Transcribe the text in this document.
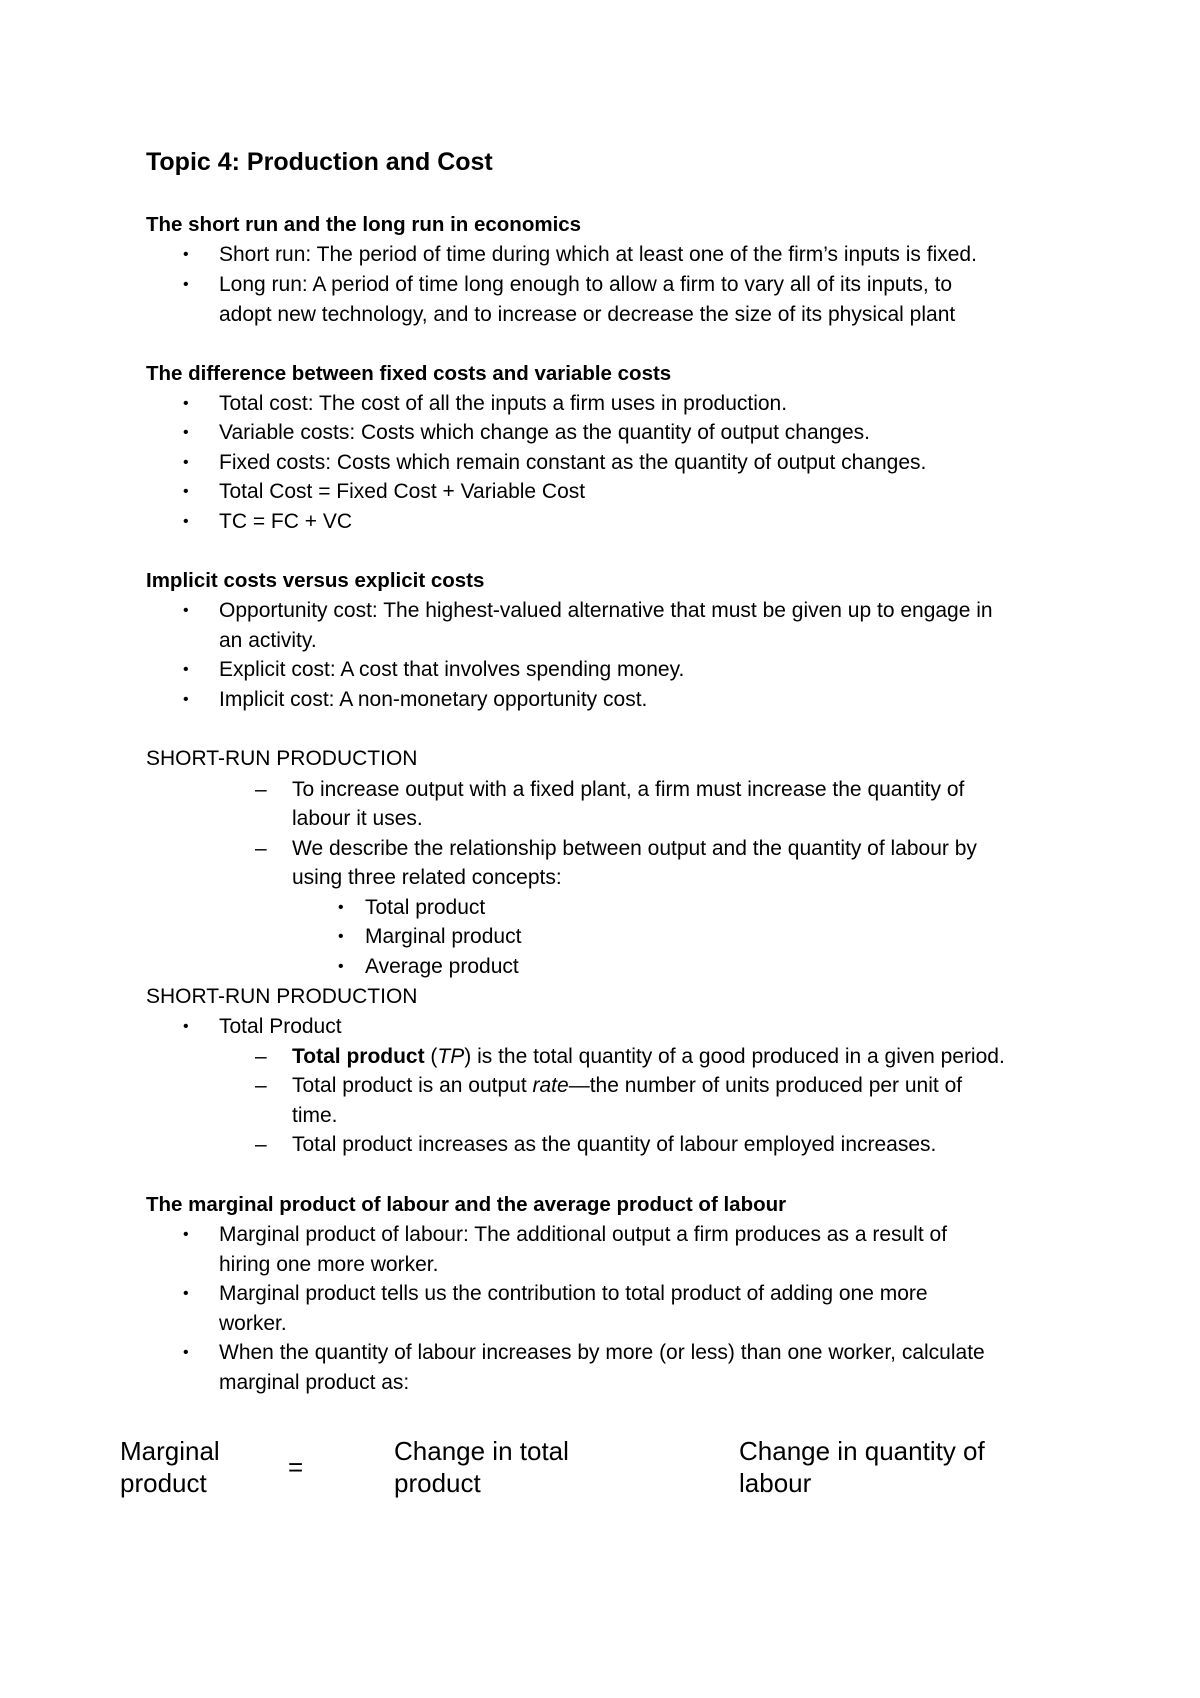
Topic 4: Production and Cost
The short run and the long run in economics
• Short run: The period of time during which at least one of the firm’s inputs is fixed.
• Long run: A period of time long enough to allow a firm to vary all of its inputs, to
adopt new technology, and to increase or decrease the size of its physical plant
The difference between fixed costs and variable costs
• Total cost: The cost of all the inputs a firm uses in production.
• Variable costs: Costs which change as the quantity of output changes.
• Fixed costs: Costs which remain constant as the quantity of output changes.
• Total Cost = Fixed Cost + Variable Cost
• TC = FC + VC
Implicit costs versus explicit costs
• Opportunity cost: The highest-valued alternative that must be given up to engage in
an activity.
• Explicit cost: A cost that involves spending money.
• Implicit cost: A non-monetary opportunity cost.
SHORT-RUN PRODUCTION
– To increase output with a fixed plant, a firm must increase the quantity of
labour it uses.
– We describe the relationship between output and the quantity of labour by
using three related concepts:
• Total product
• Marginal product
• Average product
SHORT-RUN PRODUCTION
• Total Product
– Total product (TP) is the total quantity of a good produced in a given period.
– Total product is an output rate—the number of units produced per unit of
time.
– Total product increases as the quantity of labour employed increases.
The marginal product of labour and the average product of labour
• Marginal product of labour: The additional output a firm produces as a result of
hiring one more worker.
• Marginal product tells us the contribution to total product of adding one more
worker.
• When the quantity of labour increases by more (or less) than one worker, calculate
marginal product as:
Marginal
product
=
Change in total
product
Change in quantity of
labour
